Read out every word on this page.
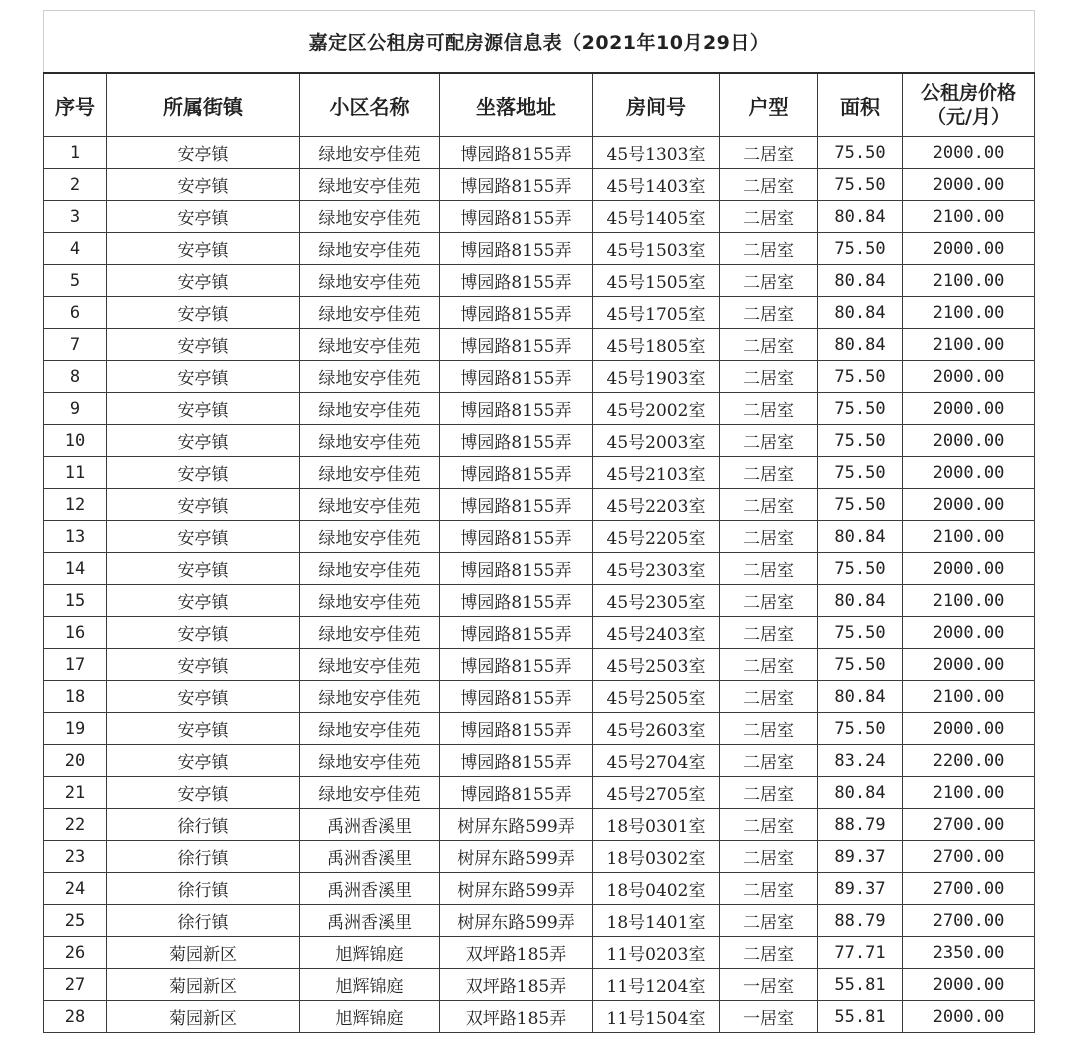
嘉定区公租房可配房源信息表（2021年10月29日）							
序号	所属街镇	小区名称	坐落地址	房间号	户型	面积	公租房价格（元/月）
1	安亭镇	绿地安亭佳苑	博园路8155弄	45号1303室	二居室	75.50	2000.00
2	安亭镇	绿地安亭佳苑	博园路8155弄	45号1403室	二居室	75.50	2000.00
3	安亭镇	绿地安亭佳苑	博园路8155弄	45号1405室	二居室	80.84	2100.00
4	安亭镇	绿地安亭佳苑	博园路8155弄	45号1503室	二居室	75.50	2000.00
5	安亭镇	绿地安亭佳苑	博园路8155弄	45号1505室	二居室	80.84	2100.00
6	安亭镇	绿地安亭佳苑	博园路8155弄	45号1705室	二居室	80.84	2100.00
7	安亭镇	绿地安亭佳苑	博园路8155弄	45号1805室	二居室	80.84	2100.00
8	安亭镇	绿地安亭佳苑	博园路8155弄	45号1903室	二居室	75.50	2000.00
9	安亭镇	绿地安亭佳苑	博园路8155弄	45号2002室	二居室	75.50	2000.00
10	安亭镇	绿地安亭佳苑	博园路8155弄	45号2003室	二居室	75.50	2000.00
11	安亭镇	绿地安亭佳苑	博园路8155弄	45号2103室	二居室	75.50	2000.00
12	安亭镇	绿地安亭佳苑	博园路8155弄	45号2203室	二居室	75.50	2000.00
13	安亭镇	绿地安亭佳苑	博园路8155弄	45号2205室	二居室	80.84	2100.00
14	安亭镇	绿地安亭佳苑	博园路8155弄	45号2303室	二居室	75.50	2000.00
15	安亭镇	绿地安亭佳苑	博园路8155弄	45号2305室	二居室	80.84	2100.00
16	安亭镇	绿地安亭佳苑	博园路8155弄	45号2403室	二居室	75.50	2000.00
17	安亭镇	绿地安亭佳苑	博园路8155弄	45号2503室	二居室	75.50	2000.00
18	安亭镇	绿地安亭佳苑	博园路8155弄	45号2505室	二居室	80.84	2100.00
19	安亭镇	绿地安亭佳苑	博园路8155弄	45号2603室	二居室	75.50	2000.00
20	安亭镇	绿地安亭佳苑	博园路8155弄	45号2704室	二居室	83.24	2200.00
21	安亭镇	绿地安亭佳苑	博园路8155弄	45号2705室	二居室	80.84	2100.00
22	徐行镇	禹洲香溪里	树屏东路599弄	18号0301室	二居室	88.79	2700.00
23	徐行镇	禹洲香溪里	树屏东路599弄	18号0302室	二居室	89.37	2700.00
24	徐行镇	禹洲香溪里	树屏东路599弄	18号0402室	二居室	89.37	2700.00
25	徐行镇	禹洲香溪里	树屏东路599弄	18号1401室	二居室	88.79	2700.00
26	菊园新区	旭辉锦庭	双坪路185弄	11号0203室	二居室	77.71	2350.00
27	菊园新区	旭辉锦庭	双坪路185弄	11号1204室	一居室	55.81	2000.00
28	菊园新区	旭辉锦庭	双坪路185弄	11号1504室	一居室	55.81	2000.00
